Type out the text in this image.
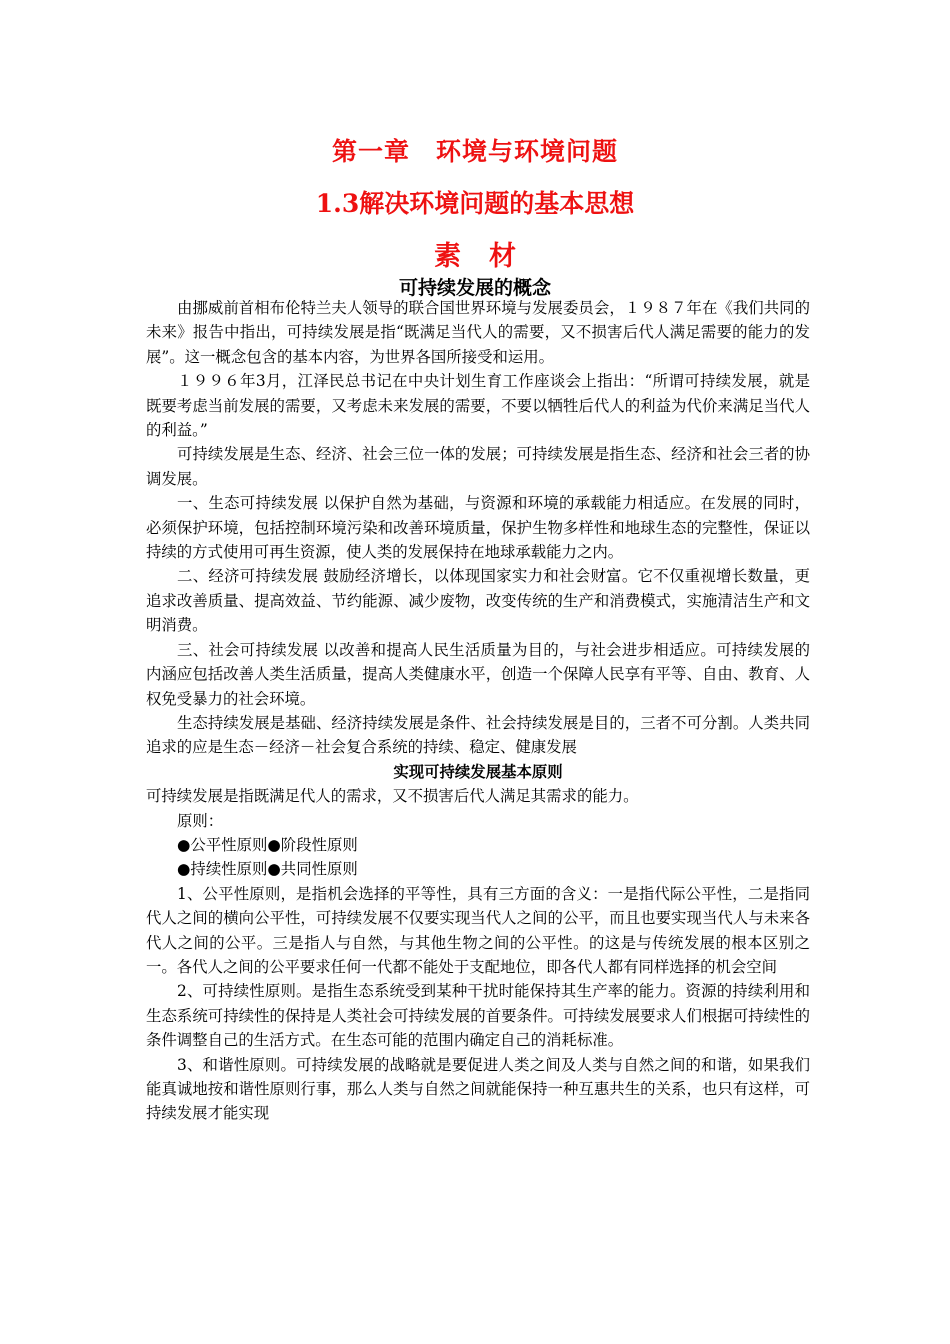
第一章　环境与环境问题
1.3解决环境问题的基本思想
素材
可持续发展的概念

由挪威前首相布伦特兰夫人领导的联合国世界环境与发展委员会，１９８７年在《我们共同的未来》报告中指出，可持续发展是指“既满足当代人的需要，又不损害后代人满足需要的能力的发展”。这一概念包含的基本内容，为世界各国所接受和运用。

１９９６年3月，江泽民总书记在中央计划生育工作座谈会上指出：“所谓可持续发展，就是既要考虑当前发展的需要，又考虑未来发展的需要，不要以牺牲后代人的利益为代价来满足当代人的利益。”

可持续发展是生态、经济、社会三位一体的发展；可持续发展是指生态、经济和社会三者的协调发展。

一、生态可持续发展 以保护自然为基础，与资源和环境的承载能力相适应。在发展的同时，必须保护环境，包括控制环境污染和改善环境质量，保护生物多样性和地球生态的完整性，保证以持续的方式使用可再生资源，使人类的发展保持在地球承载能力之内。

二、经济可持续发展 鼓励经济增长，以体现国家实力和社会财富。它不仅重视增长数量，更追求改善质量、提高效益、节约能源、减少废物，改变传统的生产和消费模式，实施清洁生产和文明消费。

三、社会可持续发展 以改善和提高人民生活质量为目的，与社会进步相适应。可持续发展的内涵应包括改善人类生活质量，提高人类健康水平，创造一个保障人民享有平等、自由、教育、人权免受暴力的社会环境。

生态持续发展是基础、经济持续发展是条件、社会持续发展是目的，三者不可分割。人类共同追求的应是生态－经济－社会复合系统的持续、稳定、健康发展

实现可持续发展基本原则

可持续发展是指既满足代人的需求，又不损害后代人满足其需求的能力。

原则：

●公平性原则●阶段性原则

●持续性原则●共同性原则

1、公平性原则，是指机会选择的平等性，具有三方面的含义：一是指代际公平性，二是指同代人之间的横向公平性，可持续发展不仅要实现当代人之间的公平，而且也要实现当代人与未来各代人之间的公平。三是指人与自然，与其他生物之间的公平性。的这是与传统发展的根本区别之一。各代人之间的公平要求任何一代都不能处于支配地位，即各代人都有同样选择的机会空间

2、可持续性原则。是指生态系统受到某种干扰时能保持其生产率的能力。资源的持续利用和生态系统可持续性的保持是人类社会可持续发展的首要条件。可持续发展要求人们根据可持续性的条件调整自己的生活方式。在生态可能的范围内确定自己的消耗标准。

3、和谐性原则。可持续发展的战略就是要促进人类之间及人类与自然之间的和谐，如果我们能真诚地按和谐性原则行事，那么人类与自然之间就能保持一种互惠共生的关系，也只有这样，可持续发展才能实现
